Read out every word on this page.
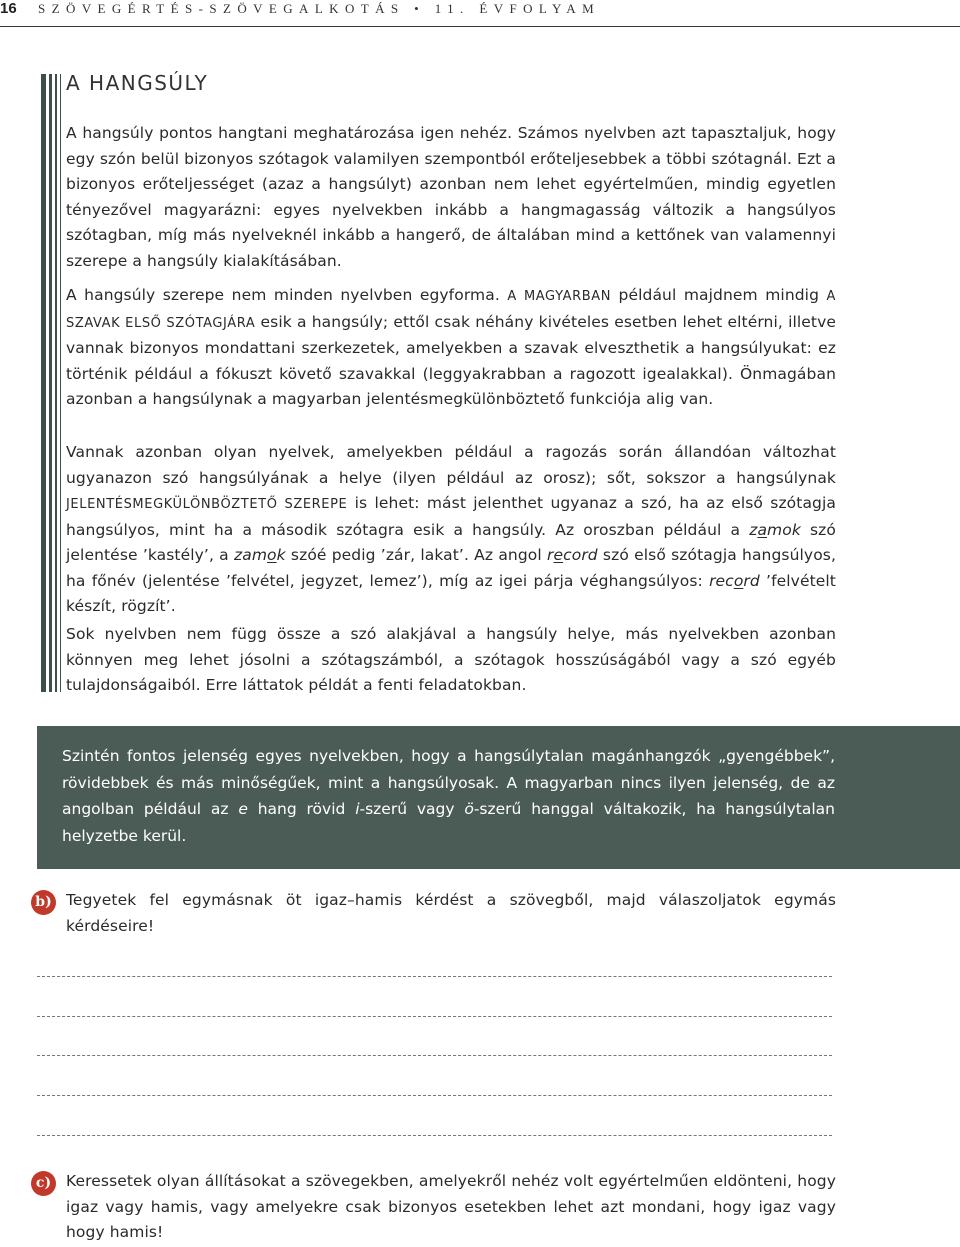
16 SZÖVEGÉRTÉS-SZÖVEGALKOTÁS • 11. ÉVFOLYAM
A HANGSÚLY

A hangsúly pontos hangtani meghatározása igen nehéz. Számos nyelvben azt tapasztaljuk, hogy egy szón belül bizonyos szótagok valamilyen szempontból erőteljesebbek a többi szótagnál. Ezt a bizonyos erőteljességet (azaz a hangsúlyt) azonban nem lehet egyértelműen, mindig egyetlen tényezővel magyarázni: egyes nyelvekben inkább a hangmagasság változik a hangsúlyos szótagban, míg más nyelveknél inkább a hangerő, de általában mind a kettőnek van valamennyi szerepe a hangsúly kialakításában.

A hangsúly szerepe nem minden nyelvben egyforma. A MAGYARBAN például majdnem mindig A SZAVAK ELSŐ SZÓTAGJÁRA esik a hangsúly; ettől csak néhány kivételes esetben lehet eltérni, illetve vannak bizonyos mondattani szerkezetek, amelyekben a szavak elveszthetik a hangsúlyukat: ez történik például a fókuszt követő szavakkal (leggyakrabban a ragozott igealakkal). Önmagában azonban a hangsúlynak a magyarban jelentésmegkülönböztető funkciója alig van.

Vannak azonban olyan nyelvek, amelyekben például a ragozás során állandóan változhat ugyanazon szó hangsúlyának a helye (ilyen például az orosz); sőt, sokszor a hangsúlynak JELENTÉSMEGKÜLÖNBÖZTETŐ SZEREPE is lehet: mást jelenthet ugyanaz a szó, ha az első szótagja hangsúlyos, mint ha a második szótagra esik a hangsúly. Az oroszban például a zamok szó jelentése ’kastély’, a zamok szóé pedig ’zár, lakat’. Az angol record szó első szótagja hangsúlyos, ha főnév (jelentése ’felvétel, jegyzet, lemez’), míg az igei párja véghangsúlyos: record ’felvételt készít, rögzít’.

Sok nyelvben nem függ össze a szó alakjával a hangsúly helye, más nyelvekben azonban könnyen meg lehet jósolni a szótagszámból, a szótagok hosszúságából vagy a szó egyéb tulajdonságaiból. Erre láttatok példát a fenti feladatokban.

Szintén fontos jelenség egyes nyelvekben, hogy a hangsúlytalan magánhangzók „gyengébbek”, rövidebbek és más minőségűek, mint a hangsúlyosak. A magyarban nincs ilyen jelenség, de az angolban például az e hang rövid i-szerű vagy ö-szerű hanggal váltakozik, ha hangsúlytalan helyzetbe kerül.

b) Tegyetek fel egymásnak öt igaz–hamis kérdést a szövegből, majd válaszoljatok egymás kérdéseire!

c) Keressetek olyan állításokat a szövegekben, amelyekről nehéz volt egyértelműen eldönteni, hogy igaz vagy hamis, vagy amelyekre csak bizonyos esetekben lehet azt mondani, hogy igaz vagy hogy hamis!
